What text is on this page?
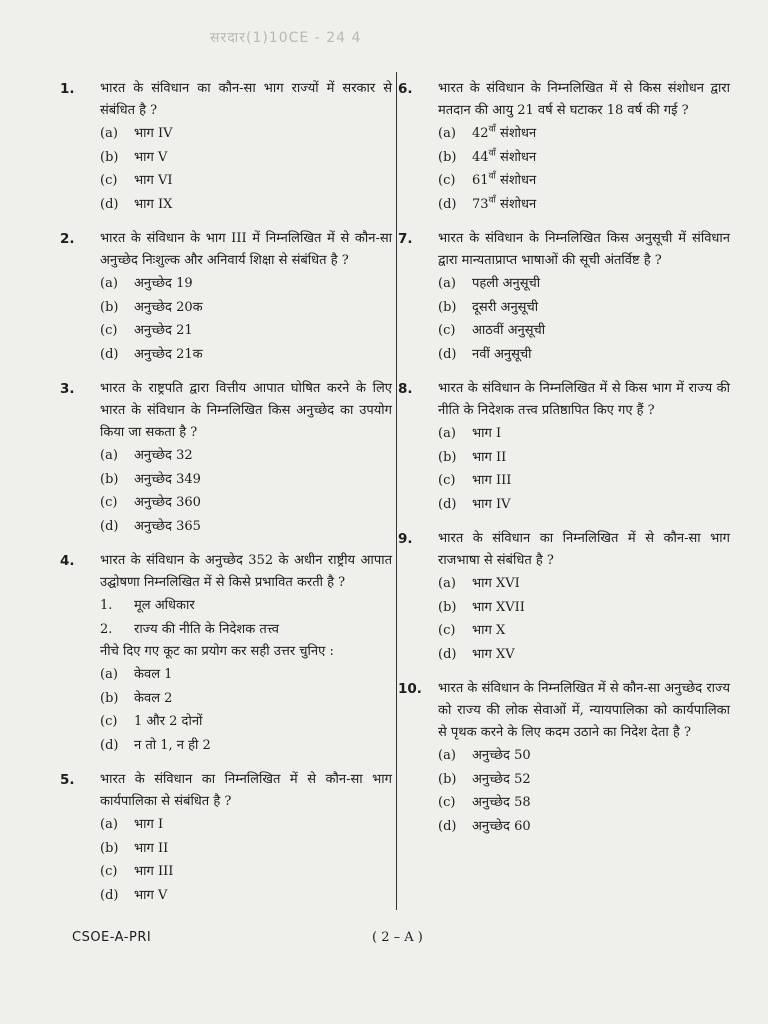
सरदार‍(1)10CE - 24 4
1.	भारत के संविधान का कौन-सा भाग राज्यों में सरकार से संबंधित है ?
(a)	भाग IV
(b)	भाग V
(c)	भाग VI
(d)	भाग IX
2.	भारत के संविधान के भाग III में निम्नलिखित में से कौन-सा अनुच्छेद निःशुल्क और अनिवार्य शिक्षा से संबंधित है ?
(a)	अनुच्छेद 19
(b)	अनुच्छेद 20क
(c)	अनुच्छेद 21
(d)	अनुच्छेद 21क
3.	भारत के राष्ट्रपति द्वारा वित्तीय आपात घोषित करने के लिए भारत के संविधान के निम्नलिखित किस अनुच्छेद का उपयोग किया जा सकता है ?
(a)	अनुच्छेद 32
(b)	अनुच्छेद 349
(c)	अनुच्छेद 360
(d)	अनुच्छेद 365
4.	भारत के संविधान के अनुच्छेद 352 के अधीन राष्ट्रीय आपात उद्घोषणा निम्नलिखित में से किसे प्रभावित करती है ?
1.	मूल अधिकार
2.	राज्य की नीति के निदेशक तत्त्व
नीचे दिए गए कूट का प्रयोग कर सही उत्तर चुनिए :
(a)	केवल 1
(b)	केवल 2
(c)	1 और 2 दोनों
(d)	न तो 1, न ही 2
5.	भारत के संविधान का निम्नलिखित में से कौन-सा भाग कार्यपालिका से संबंधित है ?
(a)	भाग I
(b)	भाग II
(c)	भाग III
(d)	भाग V
6.	भारत के संविधान के निम्नलिखित में से किस संशोधन द्वारा मतदान की आयु 21 वर्ष से घटाकर 18 वर्ष की गई ?
(a)	$42^{वाँ}$ संशोधन
(b)	$44^{वाँ}$ संशोधन
(c)	$61^{वाँ}$ संशोधन
(d)	$73^{वाँ}$ संशोधन
7.	भारत के संविधान के निम्नलिखित किस अनुसूची में संविधान द्वारा मान्यताप्राप्त भाषाओं की सूची अंतर्विष्ट है ?
(a)	पहली अनुसूची
(b)	दूसरी अनुसूची
(c)	आठवीं अनुसूची
(d)	नवीं अनुसूची
8.	भारत के संविधान के निम्नलिखित में से किस भाग में राज्य की नीति के निदेशक तत्त्व प्रतिष्ठापित किए गए हैं ?
(a)	भाग I
(b)	भाग II
(c)	भाग III
(d)	भाग IV
9.	भारत के संविधान का निम्नलिखित में से कौन-सा भाग राजभाषा से संबंधित है ?
(a)	भाग XVI
(b)	भाग XVII
(c)	भाग X
(d)	भाग XV
10.	भारत के संविधान के निम्नलिखित में से कौन-सा अनुच्छेद राज्य को राज्य की लोक सेवाओं में, न्यायपालिका को कार्यपालिका से पृथक करने के लिए कदम उठाने का निदेश देता है ?
(a)	अनुच्छेद 50
(b)	अनुच्छेद 52
(c)	अनुच्छेद 58
(d)	अनुच्छेद 60
CSOE-A-PRI	( 2 – A )
